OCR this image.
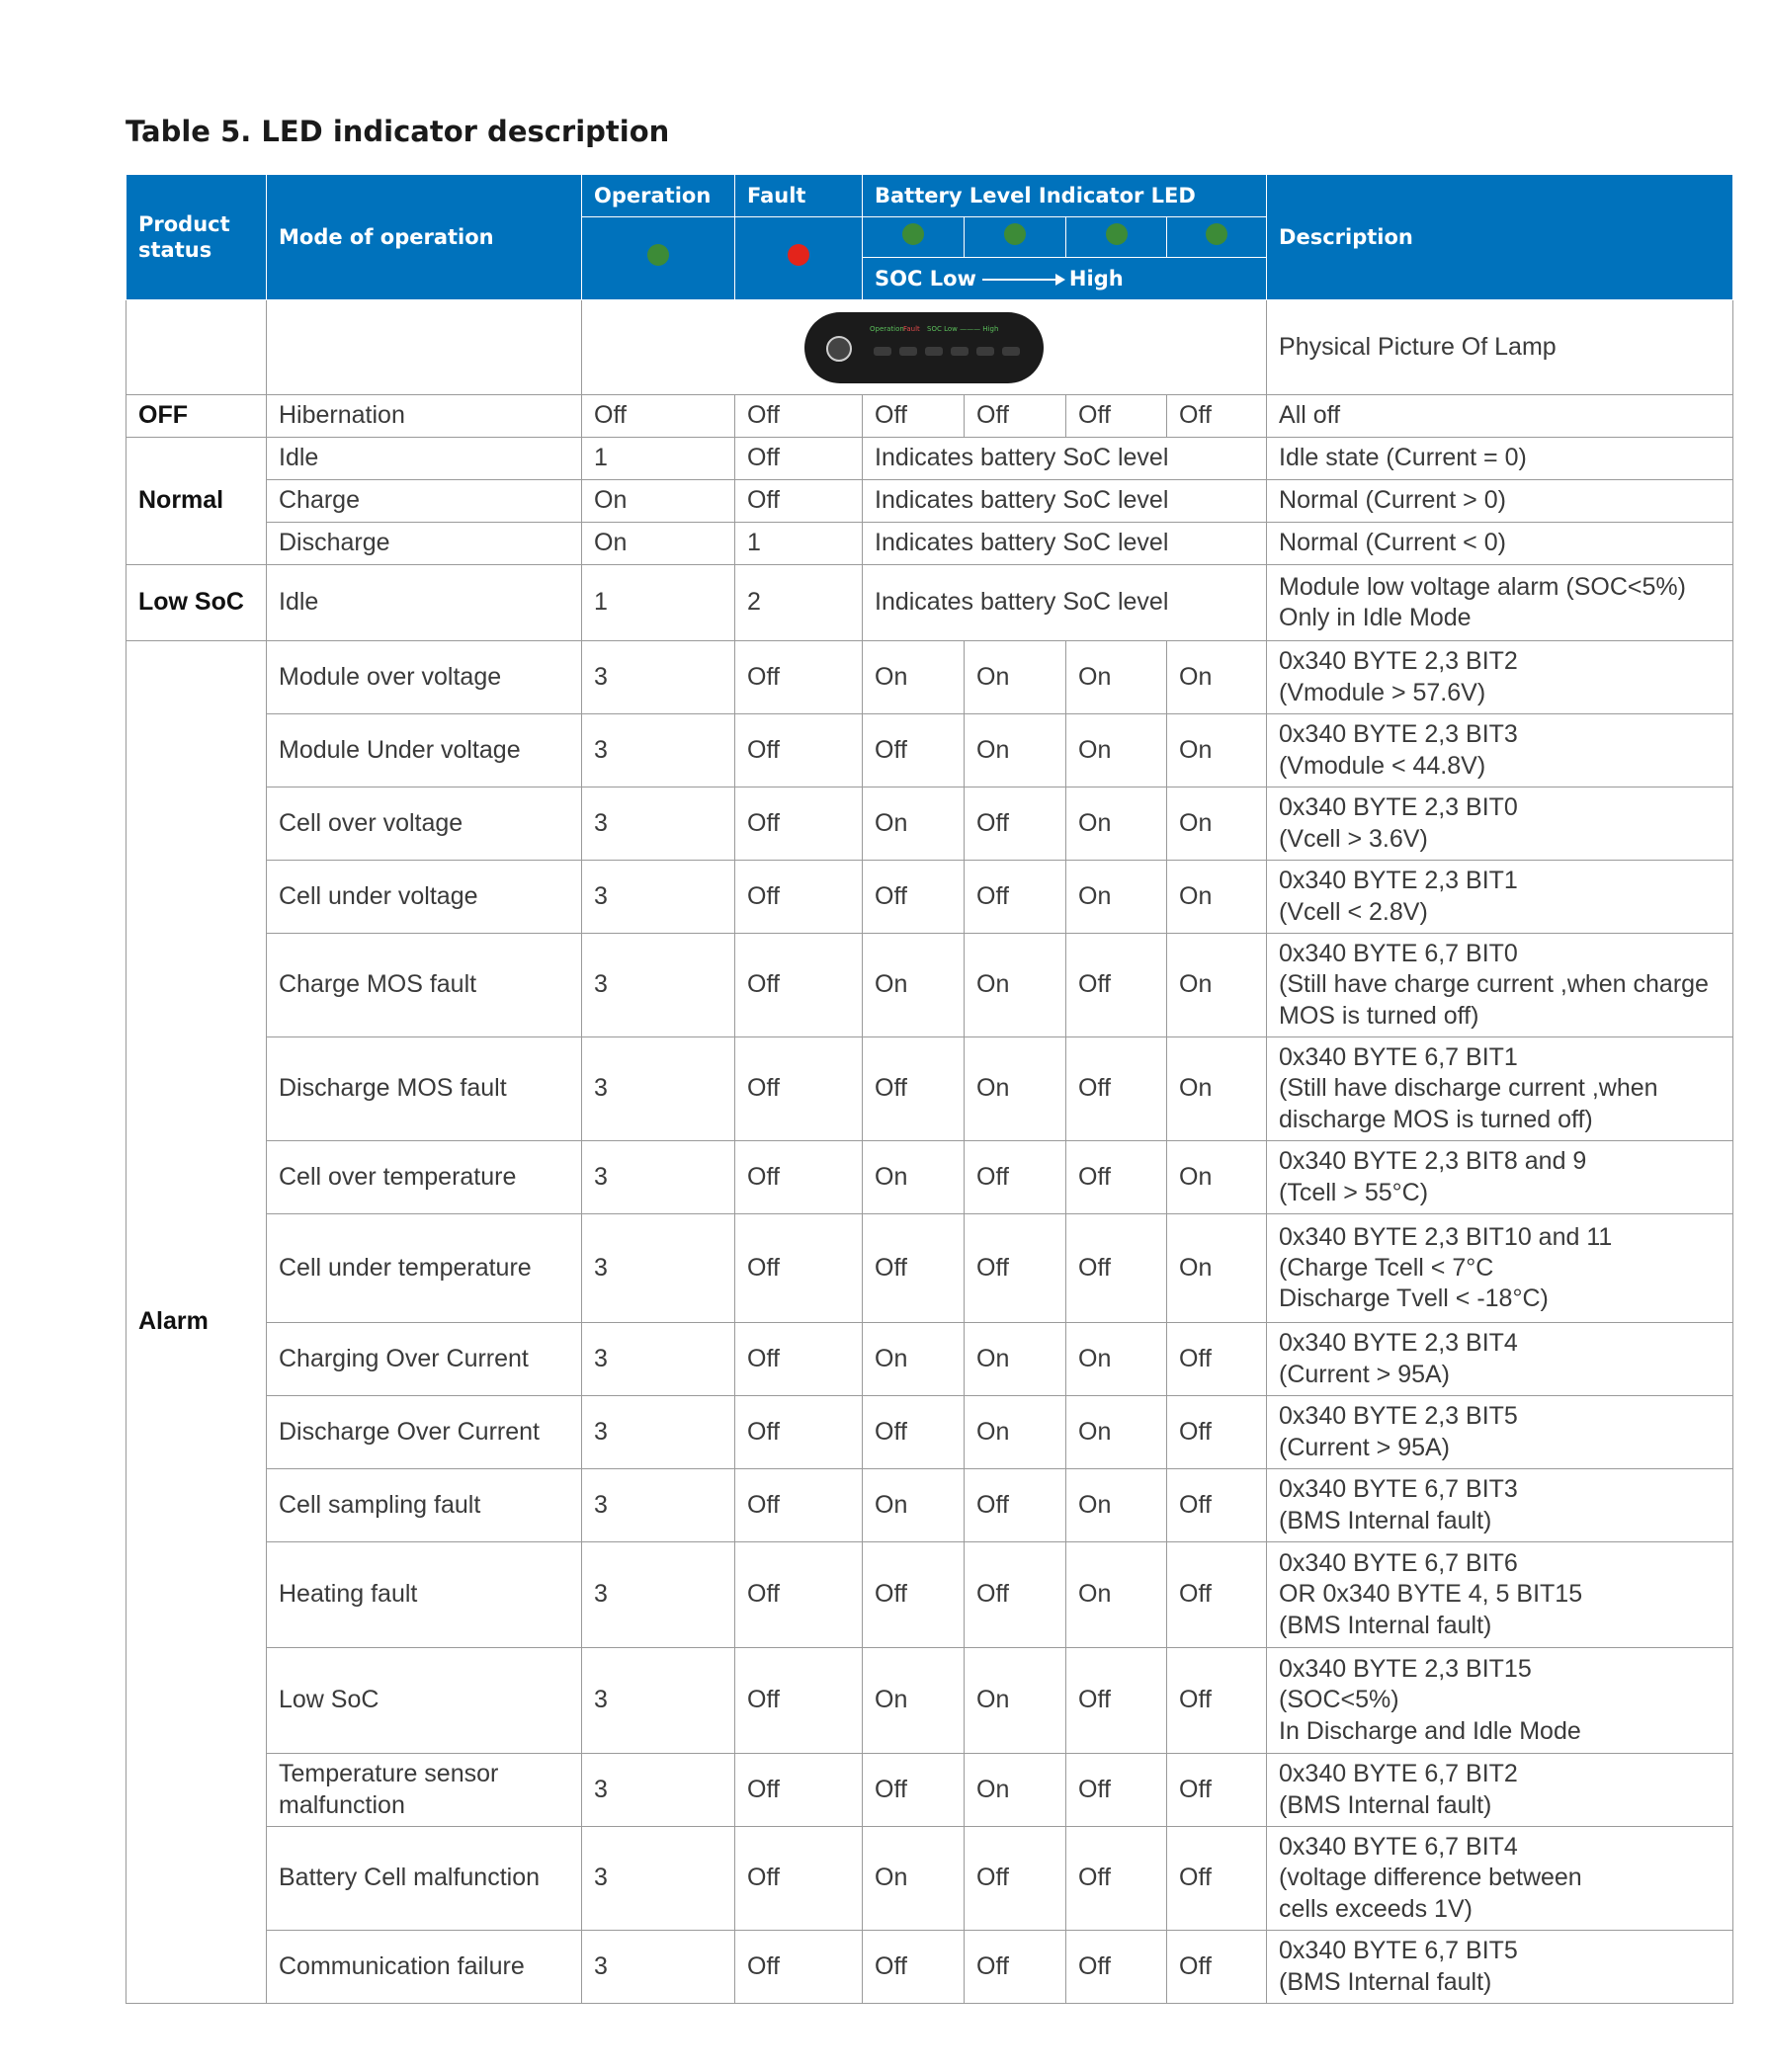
Table 5. LED indicator description
Product status	Mode of operation	Operation	Fault	Battery Level Indicator LED				Description

				SOC Low High				

		Operation Fault SOC Low ——— High						Physical Picture Of Lamp
OFF	Hibernation	Off	Off	Off	Off	Off	Off	All off
Normal	Idle	1	Off	Indicates battery SoC level				Idle state (Current = 0)
	Charge	On	Off	Indicates battery SoC level				Normal (Current > 0)
	Discharge	On	1	Indicates battery SoC level				Normal (Current < 0)
Low SoC	Idle	1	2	Indicates battery SoC level				Module low voltage alarm (SOC<5%)
Only in Idle Mode
Alarm	Module over voltage	3	Off	On	On	On	On	0x340 BYTE 2,3 BIT2
(Vmodule > 57.6V)
	Module Under voltage	3	Off	Off	On	On	On	0x340 BYTE 2,3 BIT3
(Vmodule < 44.8V)
	Cell over voltage	3	Off	On	Off	On	On	0x340 BYTE 2,3 BIT0
(Vcell > 3.6V)
	Cell under voltage	3	Off	Off	Off	On	On	0x340 BYTE 2,3 BIT1
(Vcell < 2.8V)
	Charge MOS fault	3	Off	On	On	Off	On	0x340 BYTE 6,7 BIT0
(Still have charge current ,when charge MOS is turned off)
	Discharge MOS fault	3	Off	Off	On	Off	On	0x340 BYTE 6,7 BIT1
(Still have discharge current ,when discharge MOS is turned off)
	Cell over temperature	3	Off	On	Off	Off	On	0x340 BYTE 2,3 BIT8 and 9
(Tcell > 55°C)
	Cell under temperature	3	Off	Off	Off	Off	On	0x340 BYTE 2,3 BIT10 and 11
(Charge Tcell < 7°C
Discharge Tvell < -18°C)
	Charging Over Current	3	Off	On	On	On	Off	0x340 BYTE 2,3 BIT4
(Current > 95A)
	Discharge Over Current	3	Off	Off	On	On	Off	0x340 BYTE 2,3 BIT5
(Current > 95A)
	Cell sampling fault	3	Off	On	Off	On	Off	0x340 BYTE 6,7 BIT3
(BMS Internal fault)
	Heating fault	3	Off	Off	Off	On	Off	0x340 BYTE 6,7 BIT6
OR 0x340 BYTE 4, 5 BIT15
(BMS Internal fault)
	Low SoC	3	Off	On	On	Off	Off	0x340 BYTE 2,3 BIT15
(SOC<5%)
In Discharge and Idle Mode
	Temperature sensor malfunction	3	Off	Off	On	Off	Off	0x340 BYTE 6,7 BIT2
(BMS Internal fault)
	Battery Cell malfunction	3	Off	On	Off	Off	Off	0x340 BYTE 6,7 BIT4
(voltage difference between
cells exceeds 1V)
	Communication failure	3	Off	Off	Off	Off	Off	0x340 BYTE 6,7 BIT5
(BMS Internal fault)
